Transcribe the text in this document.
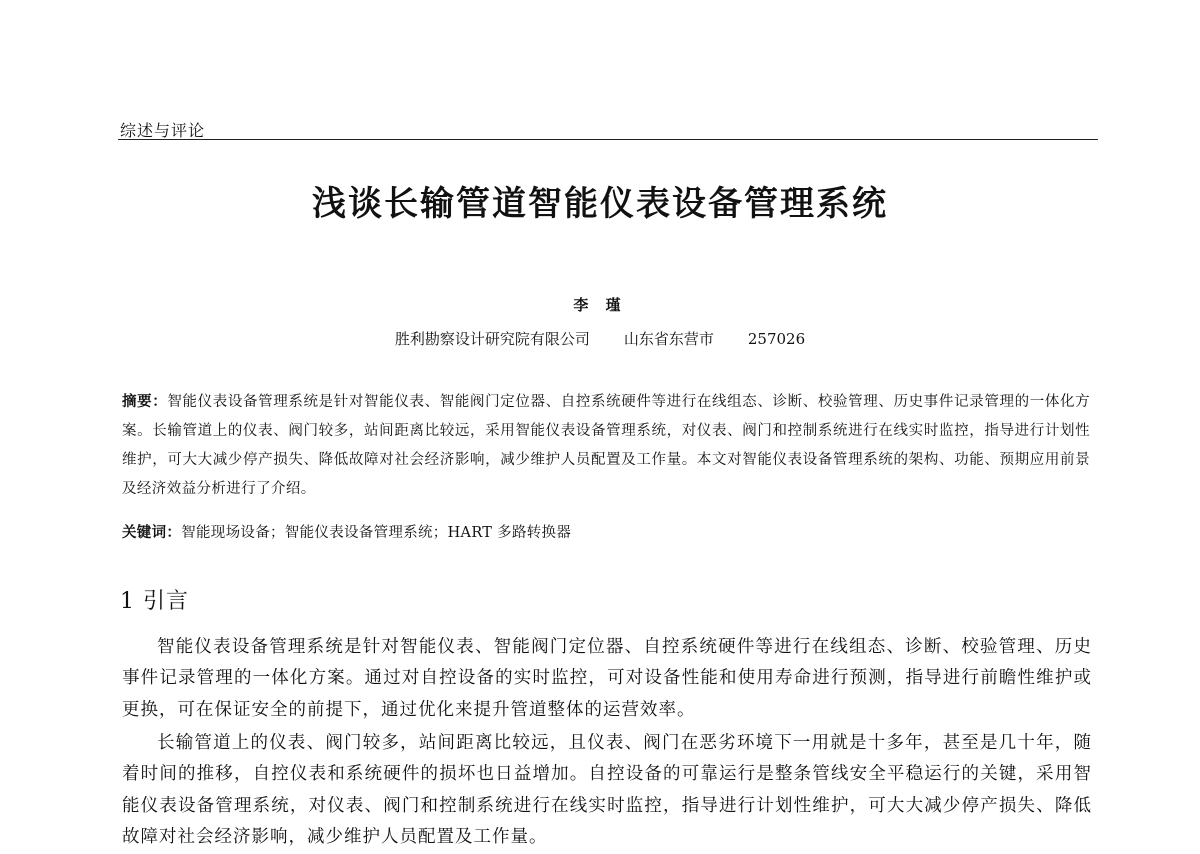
综述与评论
浅谈长输管道智能仪表设备管理系统
李 瑾
胜利勘察设计研究院有限公司 山东省东营市 257026
摘要：智能仪表设备管理系统是针对智能仪表、智能阀门定位器、自控系统硬件等进行在线组态、诊断、校验管理、历史事件记录管理的一体化方案。长输管道上的仪表、阀门较多，站间距离比较远，采用智能仪表设备管理系统，对仪表、阀门和控制系统进行在线实时监控，指导进行计划性维护，可大大减少停产损失、降低故障对社会经济影响，减少维护人员配置及工作量。本文对智能仪表设备管理系统的架构、功能、预期应用前景及经济效益分析进行了介绍。
关键词：智能现场设备；智能仪表设备管理系统；HART 多路转换器
1 引言

智能仪表设备管理系统是针对智能仪表、智能阀门定位器、自控系统硬件等进行在线组态、诊断、校验管理、历史事件记录管理的一体化方案。通过对自控设备的实时监控，可对设备性能和使用寿命进行预测，指导进行前瞻性维护或更换，可在保证安全的前提下，通过优化来提升管道整体的运营效率。

长输管道上的仪表、阀门较多，站间距离比较远，且仪表、阀门在恶劣环境下一用就是十多年，甚至是几十年，随着时间的推移，自控仪表和系统硬件的损坏也日益增加。自控设备的可靠运行是整条管线安全平稳运行的关键，采用智能仪表设备管理系统，对仪表、阀门和控制系统进行在线实时监控，指导进行计划性维护，可大大减少停产损失、降低故障对社会经济影响，减少维护人员配置及工作量。
